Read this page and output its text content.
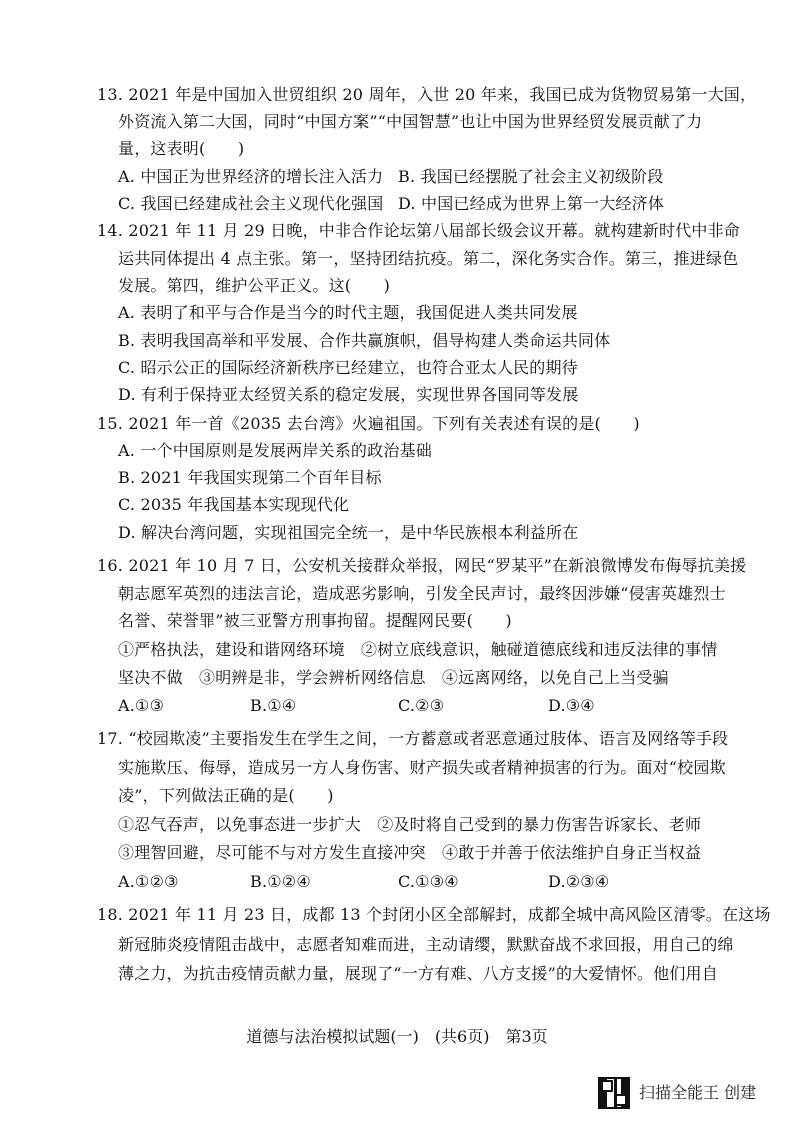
13. 2021 年是中国加入世贸组织 20 周年，入世 20 年来，我国已成为货物贸易第一大国，
外资流入第二大国，同时“中国方案”“中国智慧”也让中国为世界经贸发展贡献了力
量，这表明(　　)
A. 中国正为世界经济的增长注入活力 B. 我国已经摆脱了社会主义初级阶段
C. 我国已经建成社会主义现代化强国 D. 中国已经成为世界上第一大经济体
14. 2021 年 11 月 29 日晚，中非合作论坛第八届部长级会议开幕。就构建新时代中非命
运共同体提出 4 点主张。第一，坚持团结抗疫。第二，深化务实合作。第三，推进绿色
发展。第四，维护公平正义。这(　　)
A. 表明了和平与合作是当今的时代主题，我国促进人类共同发展
B. 表明我国高举和平发展、合作共赢旗帜，倡导构建人类命运共同体
C. 昭示公正的国际经济新秩序已经建立，也符合亚太人民的期待
D. 有利于保持亚太经贸关系的稳定发展，实现世界各国同等发展
15. 2021 年一首《2035 去台湾》火遍祖国。下列有关表述有误的是(　　)
A. 一个中国原则是发展两岸关系的政治基础
B. 2021 年我国实现第二个百年目标
C. 2035 年我国基本实现现代化
D. 解决台湾问题，实现祖国完全统一，是中华民族根本利益所在
16. 2021 年 10 月 7 日，公安机关接群众举报，网民“罗某平”在新浪微博发布侮辱抗美援
朝志愿军英烈的违法言论，造成恶劣影响，引发全民声讨，最终因涉嫌“侵害英雄烈士
名誉、荣誉罪”被三亚警方刑事拘留。提醒网民要(　　)
①严格执法，建设和谐网络环境　②树立底线意识，触碰道德底线和违反法律的事情
坚决不做　③明辨是非，学会辨析网络信息　④远离网络，以免自己上当受骗
A.①③	B.①④	C.②③	D.③④
17. “校园欺凌”主要指发生在学生之间，一方蓄意或者恶意通过肢体、语言及网络等手段
实施欺压、侮辱，造成另一方人身伤害、财产损失或者精神损害的行为。面对“校园欺
凌”，下列做法正确的是(　　)
①忍气吞声，以免事态进一步扩大　②及时将自己受到的暴力伤害告诉家长、老师
③理智回避，尽可能不与对方发生直接冲突　④敢于并善于依法维护自身正当权益
A.①②③	B.①②④	C.①③④	D.②③④
18. 2021 年 11 月 23 日，成都 13 个封闭小区全部解封，成都全城中高风险区清零。在这场
新冠肺炎疫情阻击战中，志愿者知难而进，主动请缨，默默奋战不求回报，用自己的绵
薄之力，为抗击疫情贡献力量，展现了“一方有难、八方支援”的大爱情怀。他们用自
道德与法治模拟试题(一)　(共6页)　第3页
扫描全能王 创建
